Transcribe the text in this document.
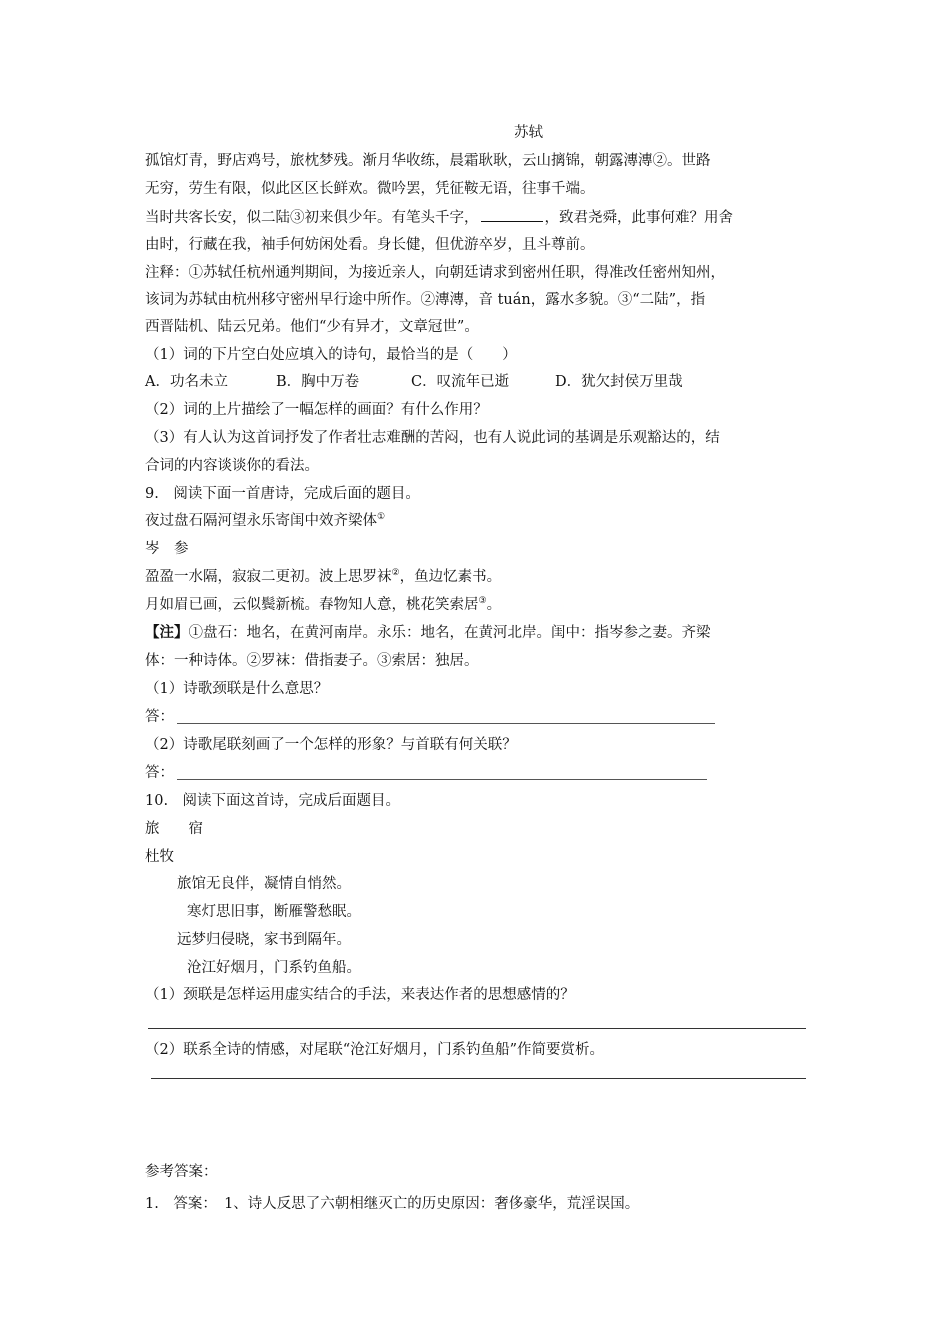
苏轼
孤馆灯青，野店鸡号，旅枕梦残。渐月华收练，晨霜耿耿，云山摛锦，朝露漙漙②。世路
无穷，劳生有限，似此区区长鲜欢。微吟罢，凭征鞍无语，往事千端。
当时共客长安，似二陆③初来俱少年。有笔头千字，	，致君尧舜，此事何难？用舍
由时，行藏在我，袖手何妨闲处看。身长健，但优游卒岁，且斗尊前。
注释：①苏轼任杭州通判期间，为接近亲人，向朝廷请求到密州任职，得准改任密州知州，
该词为苏轼由杭州移守密州早行途中所作。②漙漙，音 tuán，露水多貌。③“二陆”，指
西晋陆机、陆云兄弟。他们“少有异才，文章冠世”。
（1）词的下片空白处应填入的诗句，最恰当的是（　　）
A．功名未立	B．胸中万卷	C．叹流年已逝	D．犹欠封侯万里哉
（2）词的上片描绘了一幅怎样的画面？有什么作用？
（3）有人认为这首词抒发了作者壮志难酬的苦闷，也有人说此词的基调是乐观豁达的，结
合词的内容谈谈你的看法。
9.　阅读下面一首唐诗，完成后面的题目。
夜过盘石隔河望永乐寄闺中效齐梁体①
岑　参
盈盈一水隔，寂寂二更初。波上思罗袜②，鱼边忆素书。
月如眉已画，云似鬓新梳。春物知人意，桃花笑索居③。
【注】①盘石：地名，在黄河南岸。永乐：地名，在黄河北岸。闺中：指岑参之妻。齐梁
体：一种诗体。②罗袜：借指妻子。③索居：独居。
（1）诗歌颈联是什么意思？
答：
（2）诗歌尾联刻画了一个怎样的形象？与首联有何关联？
答：
10.　阅读下面这首诗，完成后面题目。
旅　　宿
杜牧
旅馆无良伴，凝情自悄然。
寒灯思旧事，断雁警愁眠。
远梦归侵晓，家书到隔年。
沧江好烟月，门系钓鱼船。
（1）颈联是怎样运用虚实结合的手法，来表达作者的思想感情的？
（2）联系全诗的情感，对尾联“沧江好烟月，门系钓鱼船”作简要赏析。
参考答案：
1.　答案：　1、诗人反思了六朝相继灭亡的历史原因：奢侈豪华，荒淫误国。
